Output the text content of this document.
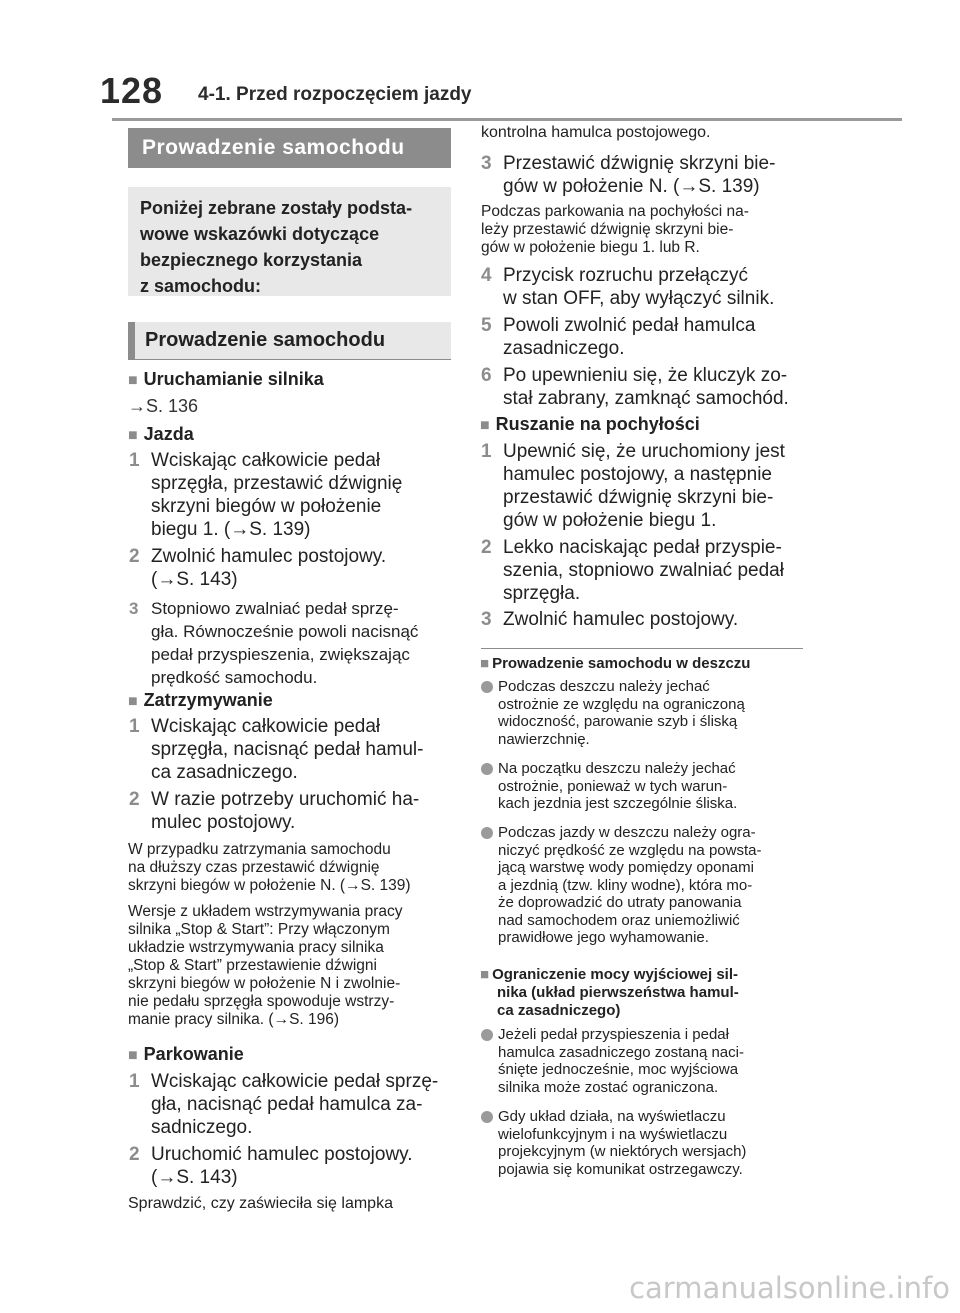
128 4-1. Przed rozpoczęciem jazdy
Prowadzenie samochodu
Poniżej zebrane zostały podsta-
wowe wskazówki dotyczące
bezpiecznego korzystania
z samochodu:
Prowadzenie samochodu
■ Uruchamianie silnika
→S. 136
■ Jazda
1 Wciskając całkowicie pedał
sprzęgła, przestawić dźwignię
skrzyni biegów w położenie
biegu 1. (→S. 139)
2 Zwolnić hamulec postojowy.
(→S. 143)
3 Stopniowo zwalniać pedał sprzę-
gła. Równocześnie powoli nacisnąć
pedał przyspieszenia, zwiększając
prędkość samochodu.
■ Zatrzymywanie
1 Wciskając całkowicie pedał
sprzęgła, nacisnąć pedał hamul-
ca zasadniczego.
2 W razie potrzeby uruchomić ha-
mulec postojowy.
W przypadku zatrzymania samochodu
na dłuższy czas przestawić dźwignię
skrzyni biegów w położenie N. (→S. 139)
Wersje z układem wstrzymywania pracy
silnika „Stop & Start”: Przy włączonym
układzie wstrzymywania pracy silnika
„Stop & Start” przestawienie dźwigni
skrzyni biegów w położenie N i zwolnie-
nie pedału sprzęgła spowoduje wstrzy-
manie pracy silnika. (→S. 196)
■ Parkowanie
1 Wciskając całkowicie pedał sprzę-
gła, nacisnąć pedał hamulca za-
sadniczego.
2 Uruchomić hamulec postojowy.
(→S. 143)
Sprawdzić, czy zaświeciła się lampka
kontrolna hamulca postojowego.
3 Przestawić dźwignię skrzyni bie-
gów w położenie N. (→S. 139)
Podczas parkowania na pochyłości na-
leży przestawić dźwignię skrzyni bie-
gów w położenie biegu 1. lub R.
4 Przycisk rozruchu przełączyć
w stan OFF, aby wyłączyć silnik.
5 Powoli zwolnić pedał hamulca
zasadniczego.
6 Po upewnieniu się, że kluczyk zo-
stał zabrany, zamknąć samochód.
■ Ruszanie na pochyłości
1 Upewnić się, że uruchomiony jest
hamulec postojowy, a następnie
przestawić dźwignię skrzyni bie-
gów w położenie biegu 1.
2 Lekko naciskając pedał przyspie-
szenia, stopniowo zwalniać pedał
sprzęgła.
3 Zwolnić hamulec postojowy.
■ Prowadzenie samochodu w deszczu
Podczas deszczu należy jechać
ostrożnie ze względu na ograniczoną
widoczność, parowanie szyb i śliską
nawierzchnię.
Na początku deszczu należy jechać
ostrożnie, ponieważ w tych warun-
kach jezdnia jest szczególnie śliska.
Podczas jazdy w deszczu należy ogra-
niczyć prędkość ze względu na powsta-
jącą warstwę wody pomiędzy oponami
a jezdnią (tzw. kliny wodne), która mo-
że doprowadzić do utraty panowania
nad samochodem oraz uniemożliwić
prawidłowe jego wyhamowanie.
■ Ograniczenie mocy wyjściowej sil-
nika (układ pierwszeństwa hamul-
ca zasadniczego)
Jeżeli pedał przyspieszenia i pedał
hamulca zasadniczego zostaną naci-
śnięte jednocześnie, moc wyjściowa
silnika może zostać ograniczona.
Gdy układ działa, na wyświetlaczu
wielofunkcyjnym i na wyświetlaczu
projekcyjnym (w niektórych wersjach)
pojawia się komunikat ostrzegawczy.
carmanualsonline.info
